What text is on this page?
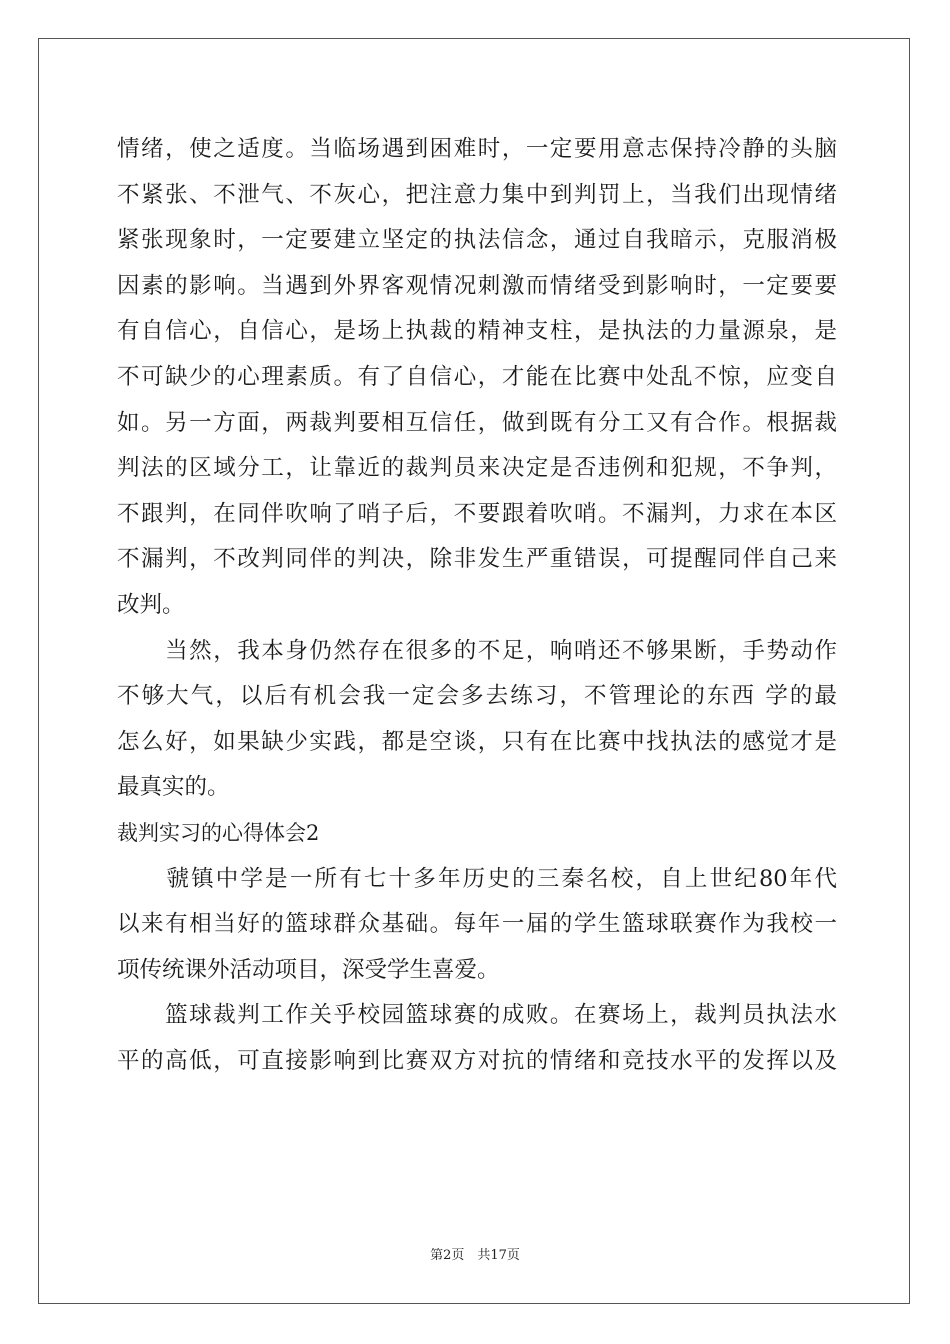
情绪，使之适度。当临场遇到困难时，一定要用意志保持冷静的头脑
不紧张、不泄气、不灰心，把注意力集中到判罚上，当我们出现情绪
紧张现象时，一定要建立坚定的执法信念，通过自我暗示，克服消极
因素的影响。当遇到外界客观情况刺激而情绪受到影响时，一定要要
有自信心，自信心，是场上执裁的精神支柱，是执法的力量源泉，是
不可缺少的心理素质。有了自信心，才能在比赛中处乱不惊，应变自
如。另一方面，两裁判要相互信任，做到既有分工又有合作。根据裁
判法的区域分工，让靠近的裁判员来决定是否违例和犯规，不争判，
不跟判，在同伴吹响了哨子后，不要跟着吹哨。不漏判，力求在本区
不漏判，不改判同伴的判决，除非发生严重错误，可提醒同伴自己来
改判。
　　当然，我本身仍然存在很多的不足，响哨还不够果断，手势动作
不够大气，以后有机会我一定会多去练习，不管理论的东西 学的最
怎么好，如果缺少实践，都是空谈，只有在比赛中找执法的感觉才是
最真实的。
裁判实习的心得体会2
　　虢镇中学是一所有七十多年历史的三秦名校，自上世纪80年代
以来有相当好的篮球群众基础。每年一届的学生篮球联赛作为我校一
项传统课外活动项目，深受学生喜爱。
　　篮球裁判工作关乎校园篮球赛的成败。在赛场上，裁判员执法水
平的高低，可直接影响到比赛双方对抗的情绪和竞技水平的发挥以及
第2页　共17页
